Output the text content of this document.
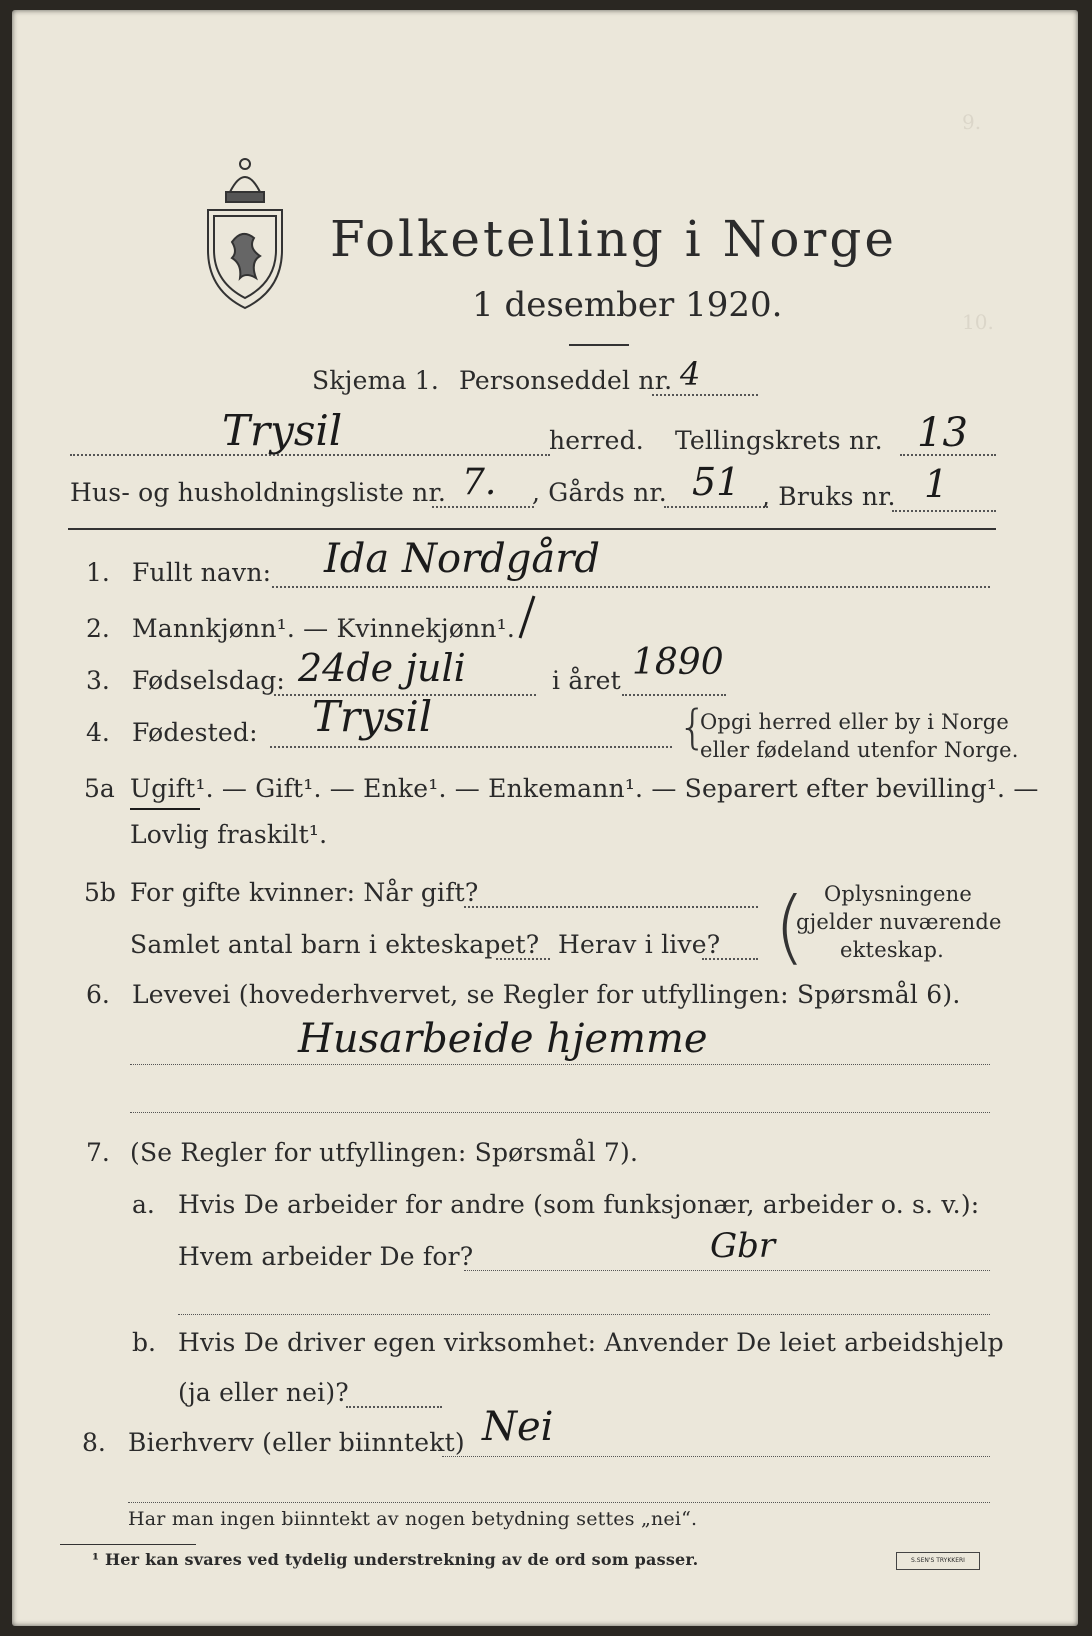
9.
10.
Folketelling i Norge
1 desember 1920.
Skjema 1. Personseddel nr. 4
Trysil	herred. Tellingskrets nr. 13
Hus- og husholdningsliste nr. 7. , Gårds nr. 51 , Bruks nr. 1
1. Fullt navn: Ida Nordgård
2. Mannkjønn¹. — Kvinnekjønn¹.
3. Fødselsdag: 24de juli	i året 1890
4. Fødested: Trysil	{
Opgi herred eller by i Norge
eller fødeland utenfor Norge.
5a Ugift¹. — Gift¹. — Enke¹. — Enkemann¹. — Separert efter bevilling¹. —
Lovlig fraskilt¹.
5b For gifte kvinner: Når gift?
Samlet antal barn i ekteskapet? Herav i live? ( Oplysningene
gjelder nuværende
ekteskap.
6. Levevei (hovederhvervet, se Regler for utfyllingen: Spørsmål 6).
Husarbeide hjemme
7. (Se Regler for utfyllingen: Spørsmål 7).
a. Hvis De arbeider for andre (som funksjonær, arbeider o. s. v.):
Hvem arbeider De for?	Gbr
b. Hvis De driver egen virksomhet: Anvender De leiet arbeidshjelp
(ja eller nei)?
8. Bierhverv (eller biinntekt) Nei
Har man ingen biinntekt av nogen betydning settes „nei“.
¹ Her kan svares ved tydelig understrekning av de ord som passer.	S.SEN'S TRYKKERI
